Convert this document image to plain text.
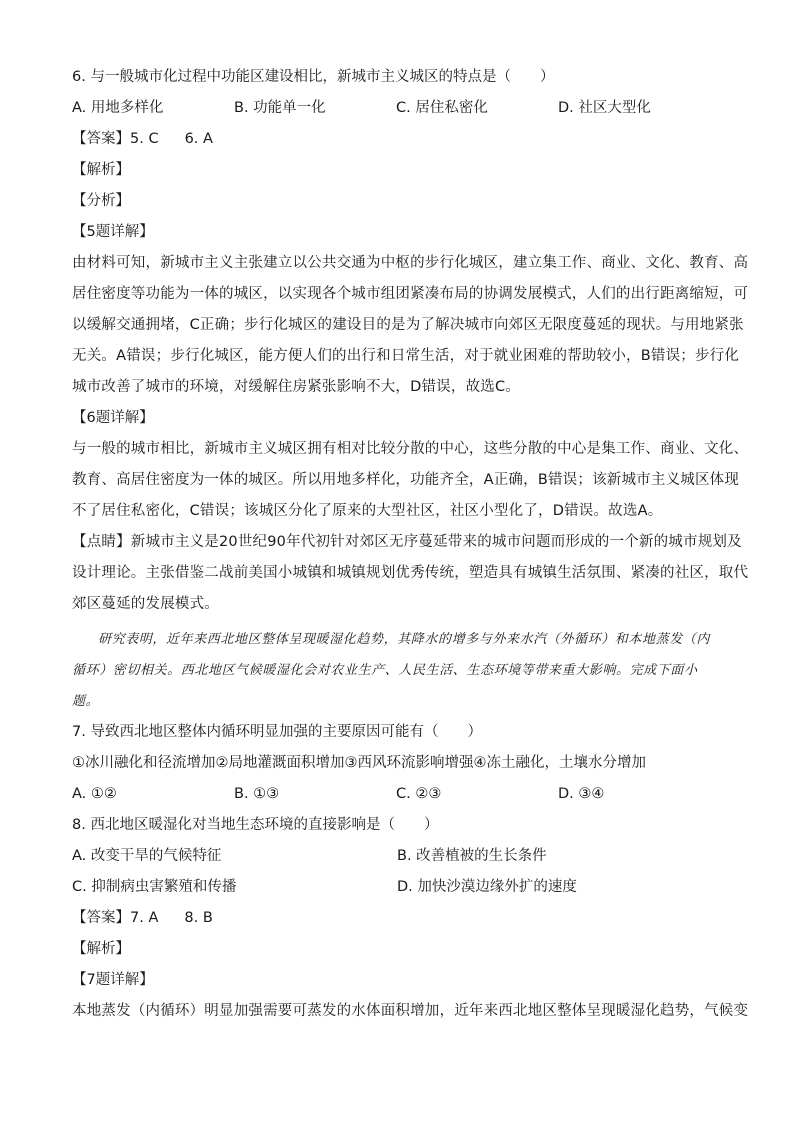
6. 与一般城市化过程中功能区建设相比，新城市主义城区的特点是（　　）
A. 用地多样化	B. 功能单一化	C. 居住私密化	D. 社区大型化
【答案】5. C 6. A
【解析】
【分析】
【5题详解】
由材料可知，新城市主义主张建立以公共交通为中枢的步行化城区，建立集工作、商业、文化、教育、高
居住密度等功能为一体的城区，以实现各个城市组团紧凑布局的协调发展模式，人们的出行距离缩短，可
以缓解交通拥堵，C正确；步行化城区的建设目的是为了解决城市向郊区无限度蔓延的现状。与用地紧张
无关。A错误；步行化城区，能方便人们的出行和日常生活，对于就业困难的帮助较小，B错误；步行化
城市改善了城市的环境，对缓解住房紧张影响不大，D错误，故选C。
【6题详解】
与一般的城市相比，新城市主义城区拥有相对比较分散的中心，这些分散的中心是集工作、商业、文化、
教育、高居住密度为一体的城区。所以用地多样化，功能齐全，A正确，B错误；该新城市主义城区体现
不了居住私密化，C错误；该城区分化了原来的大型社区，社区小型化了，D错误。故选A。
【点睛】新城市主义是20世纪90年代初针对郊区无序蔓延带来的城市问题而形成的一个新的城市规划及
设计理论。主张借鉴二战前美国小城镇和城镇规划优秀传统，塑造具有城镇生活氛围、紧凑的社区，取代
郊区蔓延的发展模式。
研究表明，近年来西北地区整体呈现暖湿化趋势，其降水的增多与外来水汽（外循环）和本地蒸发（内循环）密切相关。西北地区气候暖湿化会对农业生产、人民生活、生态环境等带来重大影响。完成下面小题。
7. 导致西北地区整体内循环明显加强的主要原因可能有（　　）
①冰川融化和径流增加②局地灌溉面积增加③西风环流影响增强④冻土融化，土壤水分增加
A. ①②	B. ①③	C. ②③	D. ③④
8. 西北地区暖湿化对当地生态环境的直接影响是（　　）
A. 改变干旱的气候特征	B. 改善植被的生长条件
C. 抑制病虫害繁殖和传播	D. 加快沙漠边缘外扩的速度
【答案】7. A 8. B
【解析】
【7题详解】
本地蒸发（内循环）明显加强需要可蒸发的水体面积增加，近年来西北地区整体呈现暖湿化趋势，气候变
